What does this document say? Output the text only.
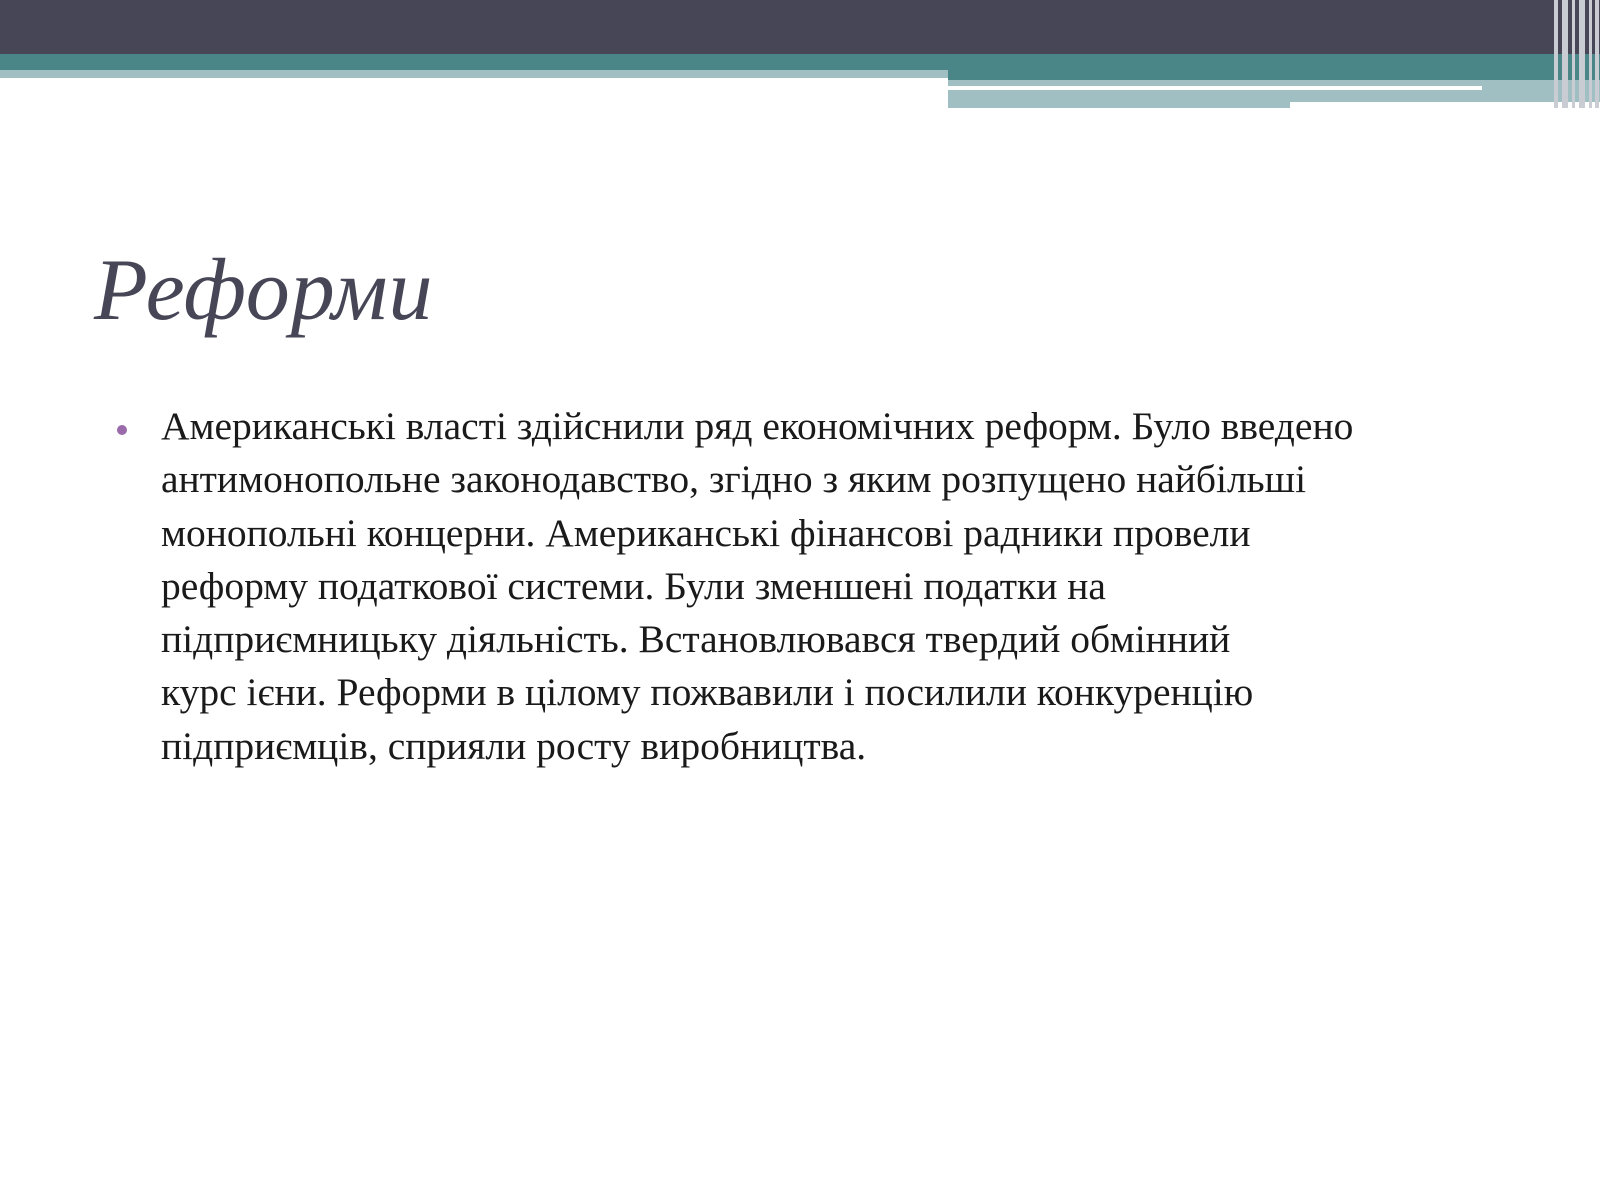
Реформи
Американські власті здійснили ряд економічних реформ. Було введено
антимонопольне законодавство, згідно з яким розпущено найбільші
монопольні концерни. Американські фінансові радники провели
реформу податкової системи. Були зменшені податки на
підприємницьку діяльність. Встановлювався твердий обмінний
курс ієни. Реформи в цілому пожвавили і посилили конкуренцію
підприємців, сприяли росту виробництва.
